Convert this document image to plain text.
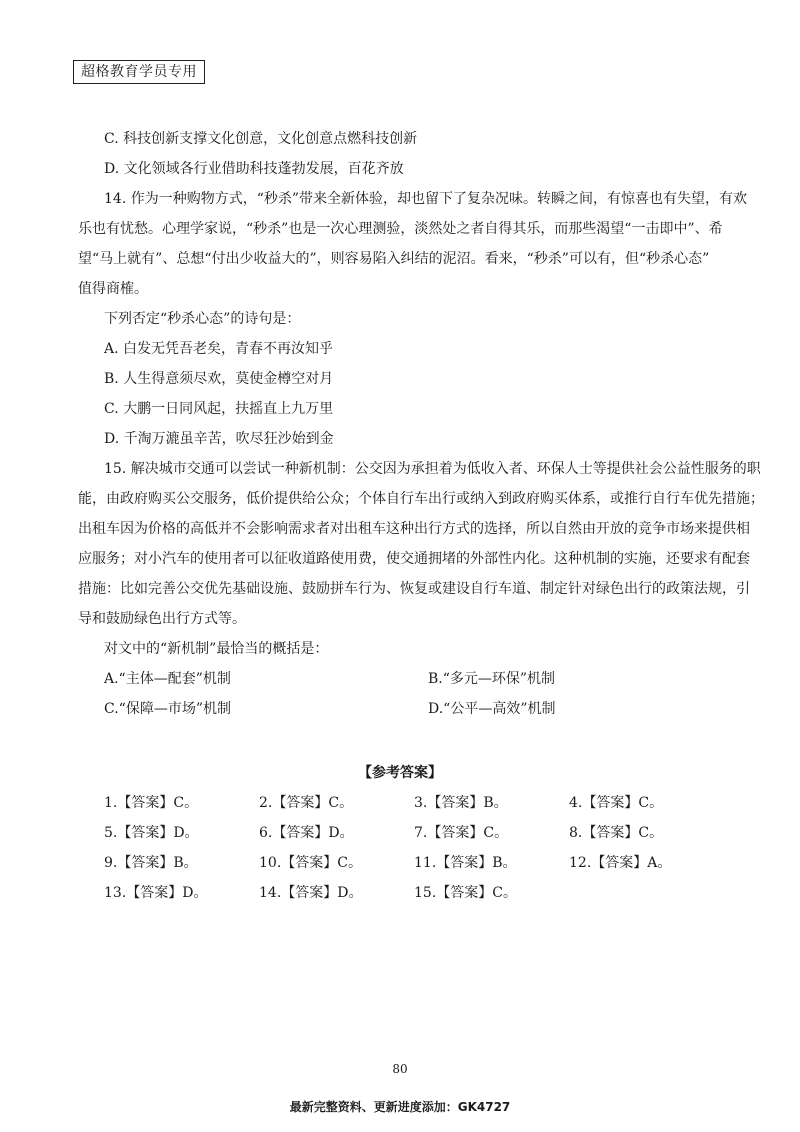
超格教育学员专用
C. 科技创新支撑文化创意，文化创意点燃科技创新
D. 文化领域各行业借助科技蓬勃发展，百花齐放
14. 作为一种购物方式，“秒杀”带来全新体验，却也留下了复杂况味。转瞬之间，有惊喜也有失望，有欢
乐也有忧愁。心理学家说，“秒杀”也是一次心理测验，淡然处之者自得其乐，而那些渴望“一击即中”、希
望“马上就有”、总想“付出少收益大的”，则容易陷入纠结的泥沼。看来，“秒杀”可以有，但“秒杀心态”
值得商榷。
下列否定“秒杀心态”的诗句是：
A. 白发无凭吾老矣，青春不再汝知乎
B. 人生得意须尽欢，莫使金樽空对月
C. 大鹏一日同风起，扶摇直上九万里
D. 千淘万漉虽辛苦，吹尽狂沙始到金
15. 解决城市交通可以尝试一种新机制：公交因为承担着为低收入者、环保人士等提供社会公益性服务的职
能，由政府购买公交服务，低价提供给公众；个体自行车出行或纳入到政府购买体系，或推行自行车优先措施；
出租车因为价格的高低并不会影响需求者对出租车这种出行方式的选择，所以自然由开放的竞争市场来提供相
应服务；对小汽车的使用者可以征收道路使用费，使交通拥堵的外部性内化。这种机制的实施，还要求有配套
措施：比如完善公交优先基础设施、鼓励拼车行为、恢复或建设自行车道、制定针对绿色出行的政策法规，引
导和鼓励绿色出行方式等。
对文中的“新机制”最恰当的概括是：
A.“主体—配套”机制	B.“多元—环保”机制
C.“保障—市场”机制	D.“公平—高效”机制
【参考答案】
1.【答案】C。	2.【答案】C。	3.【答案】B。	4.【答案】C。
5.【答案】D。	6.【答案】D。	7.【答案】C。	8.【答案】C。
9.【答案】B。	10.【答案】C。	11.【答案】B。	12.【答案】A。
13.【答案】D。	14.【答案】D。	15.【答案】C。
80
最新完整资料、更新进度添加：GK4727
